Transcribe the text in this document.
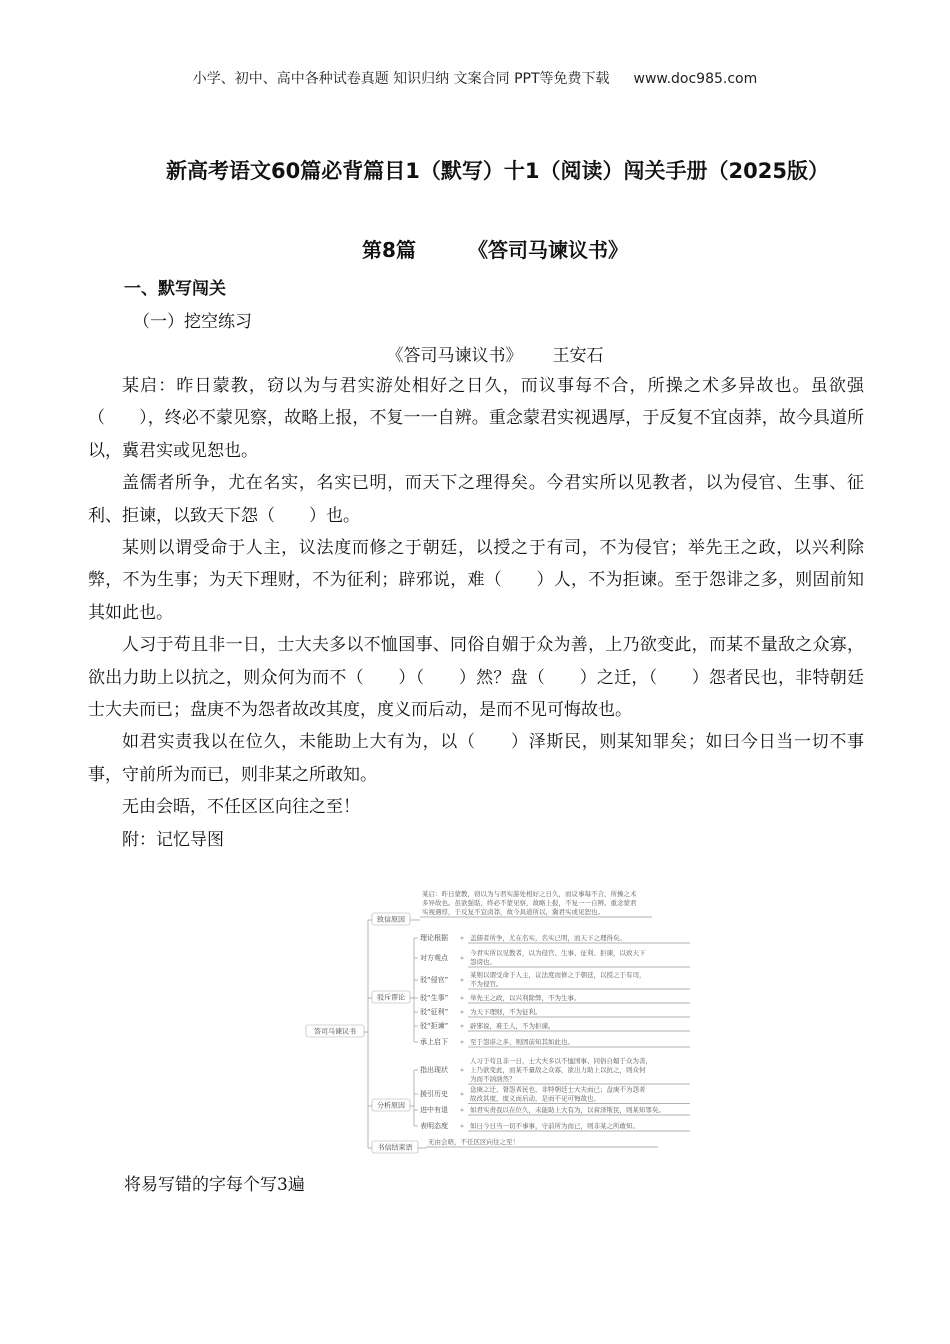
小学、初中、高中各种试卷真题 知识归纳 文案合同 PPT等免费下载 www.doc985.com
新高考语文60篇必背篇目1（默写）十1（阅读）闯关手册（2025版）
第8篇	《答司马谏议书》
一、默写闯关
（一）挖空练习
《答司马谏议书》 王安石

某启：昨日蒙教，窃以为与君实游处相好之日久，而议事每不合，所操之术多异故也。虽欲强（　　），终必不蒙见察，故略上报，不复一一自辨。重念蒙君实视遇厚，于反复不宜卤莽，故今具道所以，冀君实或见恕也。

盖儒者所争，尤在名实，名实已明，而天下之理得矣。今君实所以见教者，以为侵官、生事、征利、拒谏，以致天下怨（　　）也。

某则以谓受命于人主，议法度而修之于朝廷，以授之于有司，不为侵官；举先王之政，以兴利除弊，不为生事；为天下理财，不为征利；辟邪说，难（　　）人，不为拒谏。至于怨诽之多，则固前知其如此也。

人习于苟且非一日，士大夫多以不恤国事、同俗自媚于众为善，上乃欲变此，而某不量敌之众寡，欲出力助上以抗之，则众何为而不（　　）（　　）然？盘（　　）之迁，（　　）怨者民也，非特朝廷士大夫而已；盘庚不为怨者故改其度，度义而后动，是而不见可悔故也。

如君实责我以在位久，未能助上大有为，以（　　）泽斯民，则某知罪矣；如曰今日当一切不事事，守前所为而已，则非某之所敢知。

无由会晤，不任区区向往之至！

附：记忆导图

答司马谏议书
致信原因
某启：昨日蒙教，窃以为与君实游处相好之日久，而议事每不合，所操之术
多异故也。虽欲强聒，终必不蒙见察，故略上报，不复一一自辨。重念蒙君
实视遇厚，于反复不宜卤莽，故今具道所以，冀君实或见恕也。
驳斥谬论
理论根据	盖儒者所争，尤在名实，名实已明，而天下之理得矣。
对方观点
今君实所以见教者，以为侵官、生事、征利、拒谏，以致天下
怨谤也。
驳“侵官”
某则以谓受命于人主，议法度而修之于朝廷，以授之于有司，
不为侵官。
驳“生事”	举先王之政，以兴利除弊，不为生事。
驳“征利”	为天下理财，不为征利。
驳“拒谏”	辟邪说，难壬人，不为拒谏。
承上启下	至于怨诽之多，则固前知其如此也。
分析原因
指出现状
人习于苟且非一日，士大夫多以不恤国事、同俗自媚于众为善，
上乃欲变此，而某不量敌之众寡，欲出力助上以抗之，则众何
为而不汹汹然？
援引历史
盘庚之迁，胥怨者民也，非特朝廷士大夫而已；盘庚不为怨者
故改其度，度义而后动，是而不见可悔故也。
进中有退	如君实责我以在位久，未能助上大有为，以膏泽斯民，则某知罪矣。
表明态度	如曰今日当一切不事事，守前所为而已，则非某之所敢知。
书信结束语
无由会晤，不任区区向往之至！
将易写错的字每个写3遍
